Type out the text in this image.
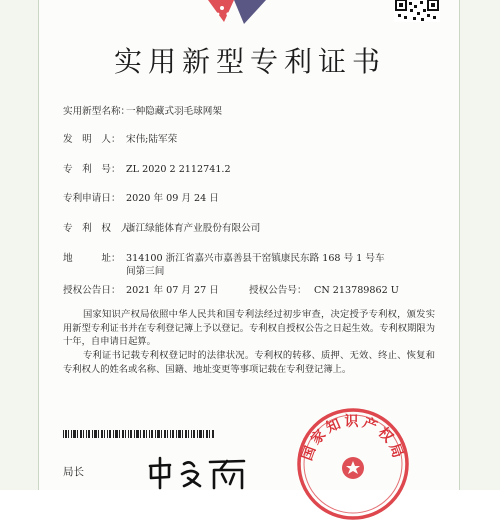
实用新型专利证书
实用新型名称：
一种隐藏式羽毛球网架
发　明　人： 宋伟;陆军荣
专　利　号： ZL 2020 2 2112741.2
专利申请日： 2020 年 09 月 24 日
专　利　权　人：
浙江绿能体育产业股份有限公司
地　　　址： 314100 浙江省嘉兴市嘉善县干窑镇康民东路 168 号 1 号车
间第三间
授权公告日： 2021 年 07 月 27 日	授权公告号： CN 213789862 U
国家知识产权局依照中华人民共和国专利法经过初步审查，决定授予专利权，颁发实用新型专利证书并在专利登记簿上予以登记。专利权自授权公告之日起生效。专利权期限为十年，自申请日起算。
专利证书记载专利权登记时的法律状况。专利权的转移、质押、无效、终止、恢复和专利权人的姓名或名称、国籍、地址变更等事项记载在专利登记簿上。
局长
国家知识产权局
